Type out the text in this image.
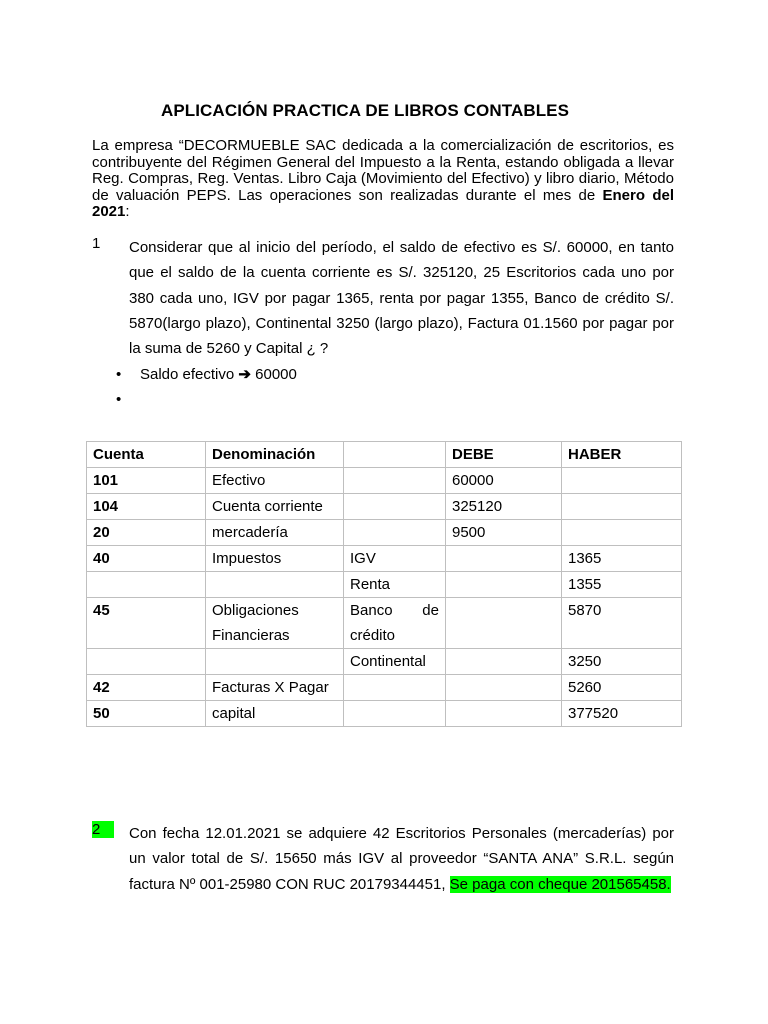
APLICACIÓN PRACTICA DE LIBROS CONTABLES
La empresa “DECORMUEBLE SAC dedicada a la comercialización de escritorios, es contribuyente del Régimen General del Impuesto a la Renta, estando obligada a llevar Reg. Compras, Reg. Ventas. Libro Caja (Movimiento del Efectivo) y libro diario, Método de valuación PEPS. Las operaciones son realizadas durante el mes de Enero del 2021:
1 Considerar que al inicio del período, el saldo de efectivo es S/. 60000, en tanto que el saldo de la cuenta corriente es S/. 325120, 25 Escritorios cada uno por 380 cada uno, IGV por pagar 1365, renta por pagar 1355, Banco de crédito S/. 5870(largo plazo), Continental 3250 (largo plazo), Factura 01.1560 por pagar por la suma de 5260 y Capital ¿ ?
• Saldo efectivo ➔ 60000
•
Cuenta	Denominación		DEBE	HABER
101	Efectivo		60000	
104	Cuenta corriente		325120	
20	mercadería		9500	
40	Impuestos	IGV		1365
		Renta		1355
45	Obligaciones Financieras	Banco de crédito		5870
		Continental		3250
42	Facturas X Pagar			5260
50	capital			377520
2	Con fecha 12.01.2021 se adquiere 42 Escritorios Personales (mercaderías) por un valor total de S/. 15650 más IGV al proveedor “SANTA ANA” S.R.L. según factura Nº 001-25980 CON RUC 20179344451, Se paga con cheque 201565458.
